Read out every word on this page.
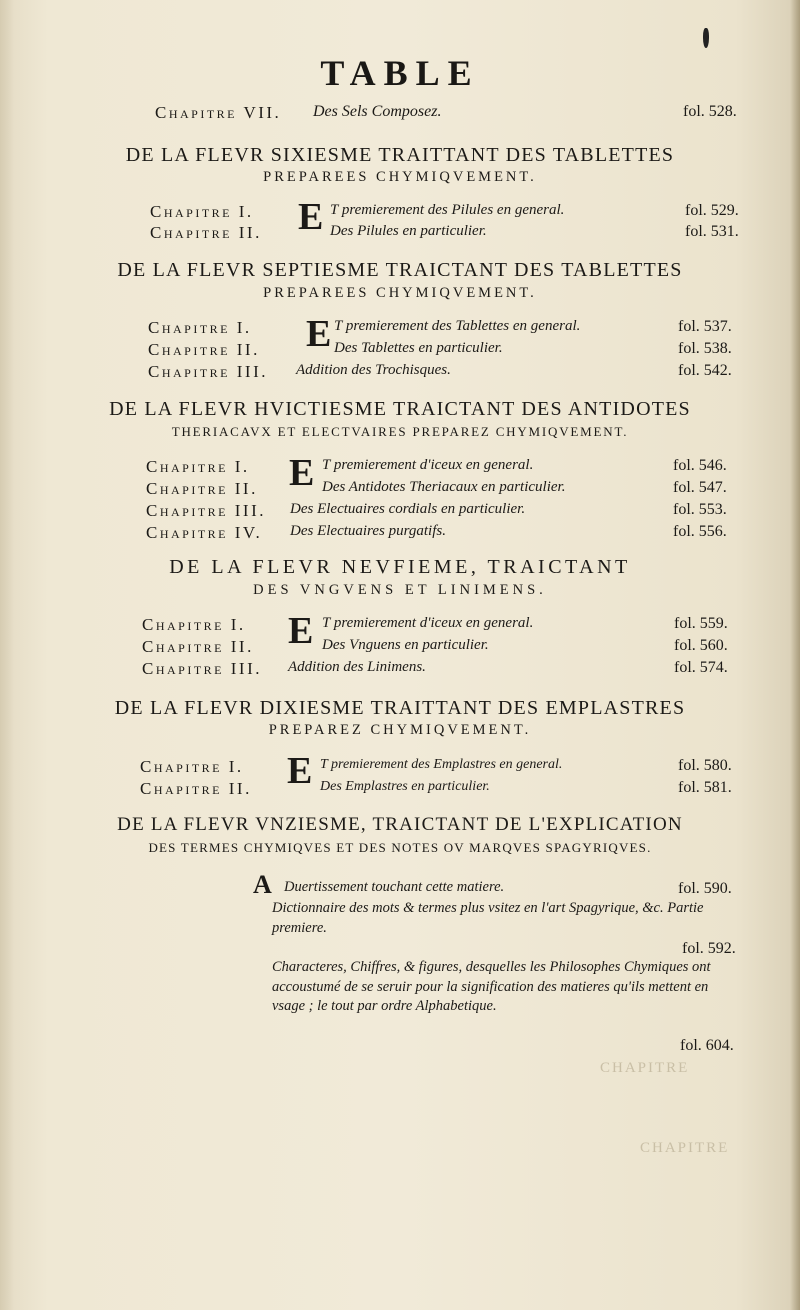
CHAPITRE
CHAPITRE
TABLE
Chapitre VII. Des Sels Composez.	fol. 528.
DE LA FLEVR SIXIESME TRAITTANT DES TABLETTES
PREPAREES CHYMIQVEMENT.
E
Chapitre I.	T premierement des Pilules en general.	fol. 529.
Chapitre II.	Des Pilules en particulier.	fol. 531.
DE LA FLEVR SEPTIESME TRAICTANT DES TABLETTES
PREPAREES CHYMIQVEMENT.
E
Chapitre I.	T premierement des Tablettes en general.	fol. 537.
Chapitre II.	Des Tablettes en particulier.	fol. 538.
Chapitre III. Addition des Trochisques.	fol. 542.
DE LA FLEVR HVICTIESME TRAICTANT DES ANTIDOTES
THERIACAVX ET ELECTVAIRES PREPAREZ CHYMIQVEMENT.
E
Chapitre I.	T premierement d'iceux en general.	fol. 546.
Chapitre II.	Des Antidotes Theriacaux en particulier.	fol. 547.
Chapitre III. Des Electuaires cordials en particulier.	fol. 553.
Chapitre IV. Des Electuaires purgatifs.	fol. 556.
DE LA FLEVR NEVFIEME, TRAICTANT
DES VNGVENS ET LINIMENS.
E
Chapitre I.	T premierement d'iceux en general.	fol. 559.
Chapitre II.	Des Vnguens en particulier.	fol. 560.
Chapitre III. Addition des Linimens.	fol. 574.
DE LA FLEVR DIXIESME TRAITTANT DES EMPLASTRES
PREPAREZ CHYMIQVEMENT.
E
Chapitre I.	T premierement des Emplastres en general.	fol. 580.
Chapitre II.	Des Emplastres en particulier.	fol. 581.
DE LA FLEVR VNZIESME, TRAICTANT DE L'EXPLICATION
DES TERMES CHYMIQVES ET DES NOTES OV MARQVES SPAGYRIQVES.
A Duertissement touchant cette matiere.	fol. 590.
Dictionnaire des mots & termes plus vsitez en l'art Spagyrique, &c. Partie premiere.
fol. 592.
Characteres, Chiffres, & figures, desquelles les Philosophes Chymiques ont accoustumé de se seruir pour la signification des matieres qu'ils mettent en vsage ; le tout par ordre Alphabetique.
fol. 604.
